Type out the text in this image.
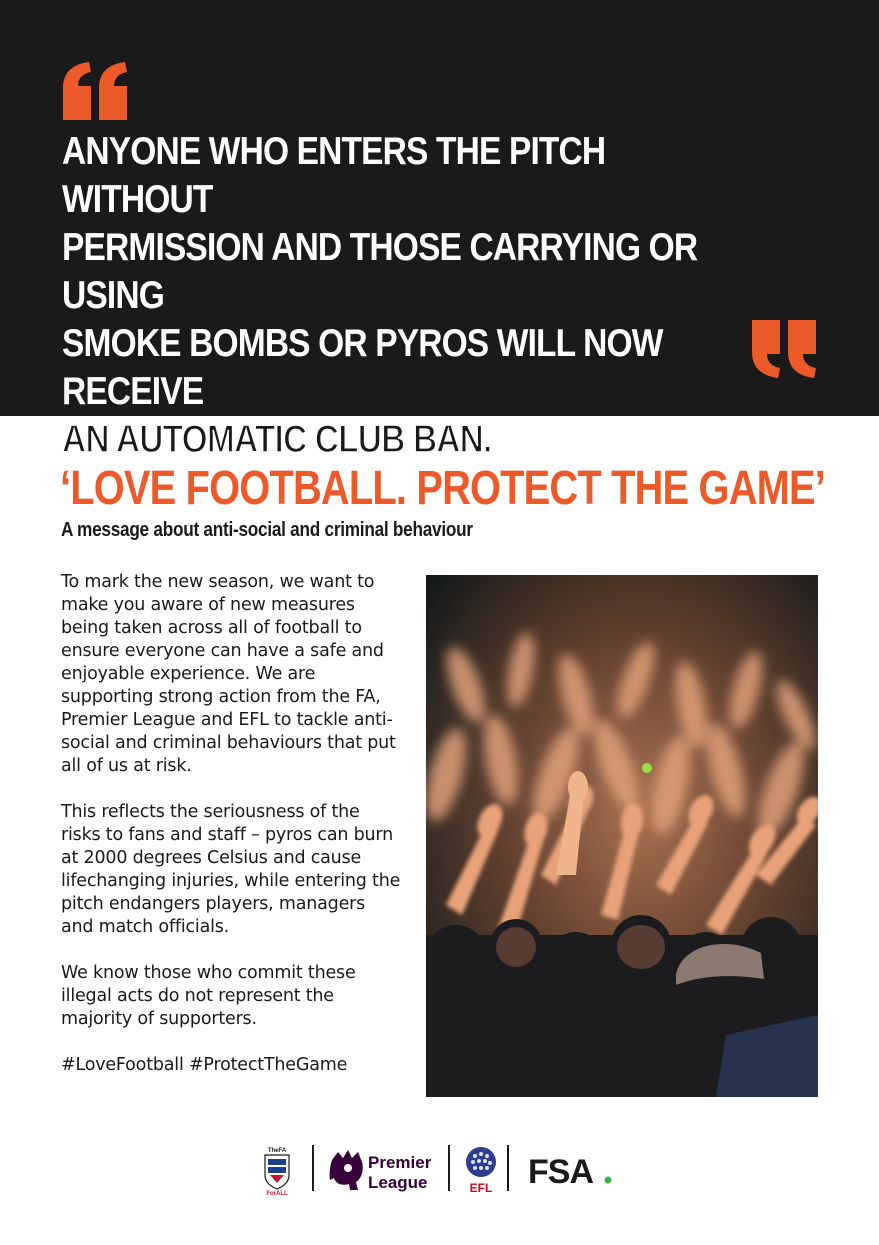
ANYONE WHO ENTERS THE PITCH WITHOUT
PERMISSION AND THOSE CARRYING OR USING
SMOKE BOMBS OR PYROS WILL NOW RECEIVE
AN AUTOMATIC CLUB BAN.
‘LOVE FOOTBALL. PROTECT THE GAME’
A message about anti-social and criminal behaviour

To mark the new season, we want to make you aware of new measures being taken across all of football to ensure everyone can have a safe and enjoyable experience. We are supporting strong action from the FA, Premier League and EFL to tackle anti-social and criminal behaviours that put all of us at risk.

This reflects the seriousness of the risks to fans and staff – pyros can burn at 2000 degrees Celsius and cause lifechanging injuries, while entering the pitch endangers players, managers and match officials.

We know those who commit these illegal acts do not represent the majority of supporters.

#LoveFootball #ProtectTheGame

TheFA
ForALL
Premier
League	EFL FSA
